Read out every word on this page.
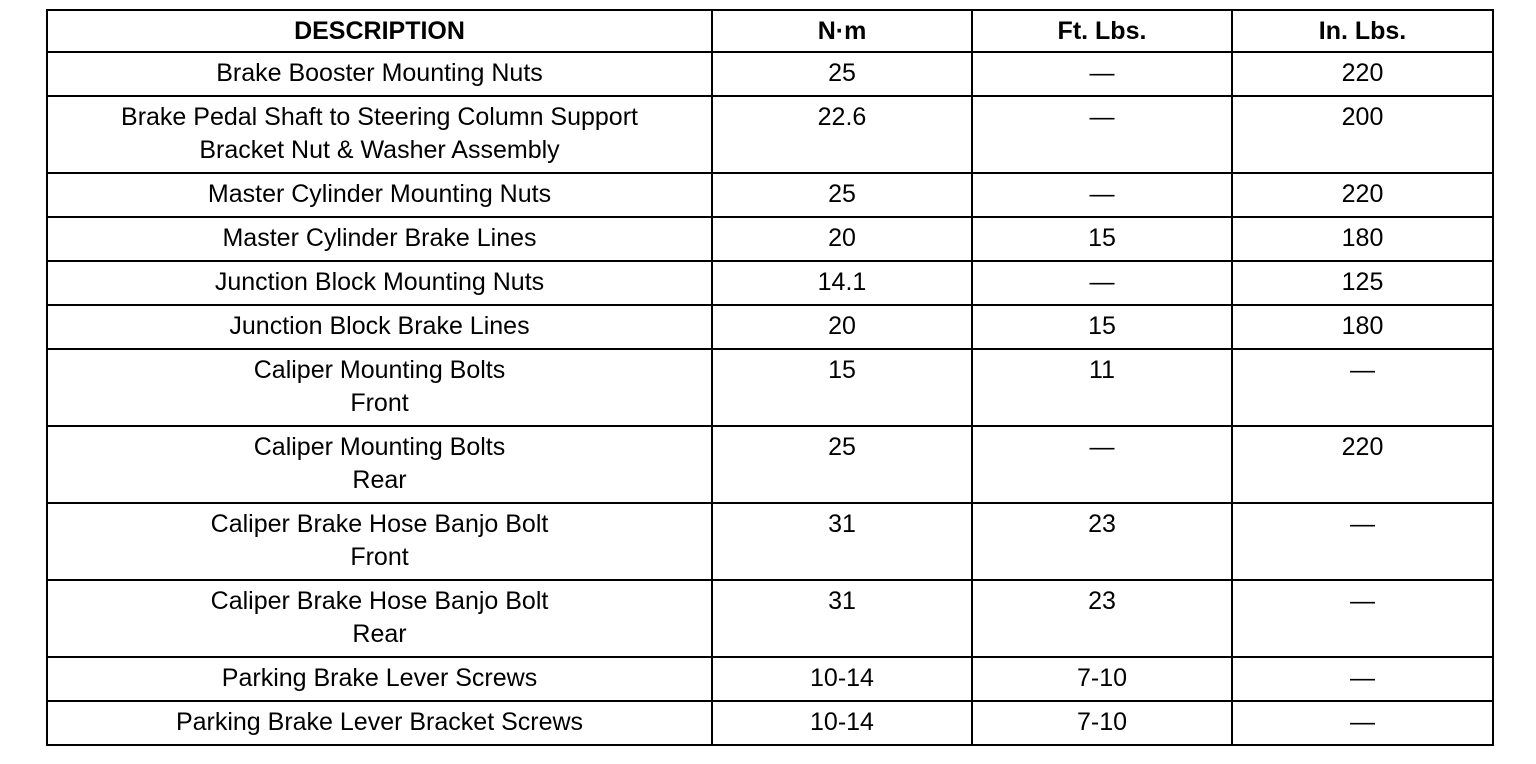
DESCRIPTION	N·m	Ft. Lbs.	In. Lbs.

Brake Booster Mounting Nuts	25	—	220

Brake Pedal Shaft to Steering Column Support
Bracket Nut & Washer Assembly	22.6	—	200

Master Cylinder Mounting Nuts	25	—	220

Master Cylinder Brake Lines	20	15	180

Junction Block Mounting Nuts	14.1	—	125

Junction Block Brake Lines	20	15	180

Caliper Mounting Bolts
Front	15	11	—

Caliper Mounting Bolts
Rear	25	—	220

Caliper Brake Hose Banjo Bolt
Front	31	23	—

Caliper Brake Hose Banjo Bolt
Rear	31	23	—

Parking Brake Lever Screws	10-14	7-10	—

Parking Brake Lever Bracket Screws	10-14	7-10	—
